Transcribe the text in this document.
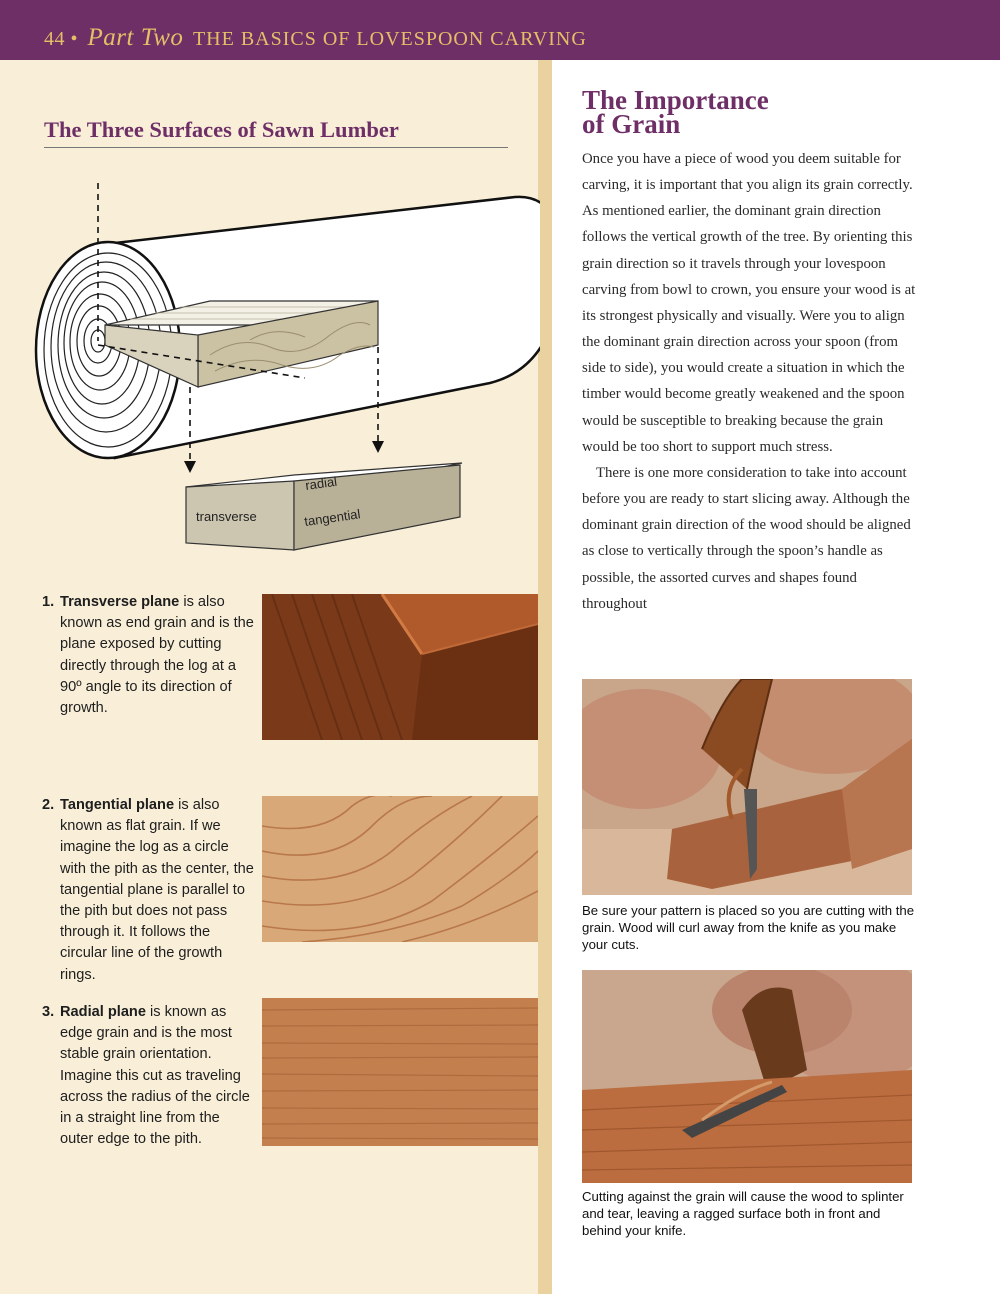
44 • Part Two THE BASICS OF LOVESPOON CARVING
The Three Surfaces of Sawn Lumber
radial
transverse	tangential
1. Transverse plane is also known as end grain and is the plane exposed by cutting directly through the log at a 90º angle to its direction of growth.
2. Tangential plane is also known as flat grain. If we imagine the log as a circle with the pith as the center, the tangential plane is parallel to the pith but does not pass through it. It follows the circular line of the growth rings.
3. Radial plane is known as edge grain and is the most stable grain orientation. Imagine this cut as traveling across the radius of the circle in a straight line from the outer edge to the pith.
The Importance
of Grain

Once you have a piece of wood you deem suitable for carving, it is important that you align its grain correctly. As mentioned earlier, the dominant grain direction follows the vertical growth of the tree. By orienting this grain direction so it travels through your lovespoon carving from bowl to crown, you ensure your wood is at its strongest physically and visually. Were you to align the dominant grain direction across your spoon (from side to side), you would create a situation in which the timber would become greatly weakened and the spoon would be susceptible to breaking because the grain would be too short to support much stress.

There is one more consideration to take into account before you are ready to start slicing away. Although the dominant grain direction of the wood should be aligned as close to vertically through the spoon’s handle as possible, the assorted curves and shapes found throughout

Be sure your pattern is placed so you are cutting with the grain. Wood will curl away from the knife as you make your cuts.
Cutting against the grain will cause the wood to splinter and tear, leaving a ragged surface both in front and behind your knife.
